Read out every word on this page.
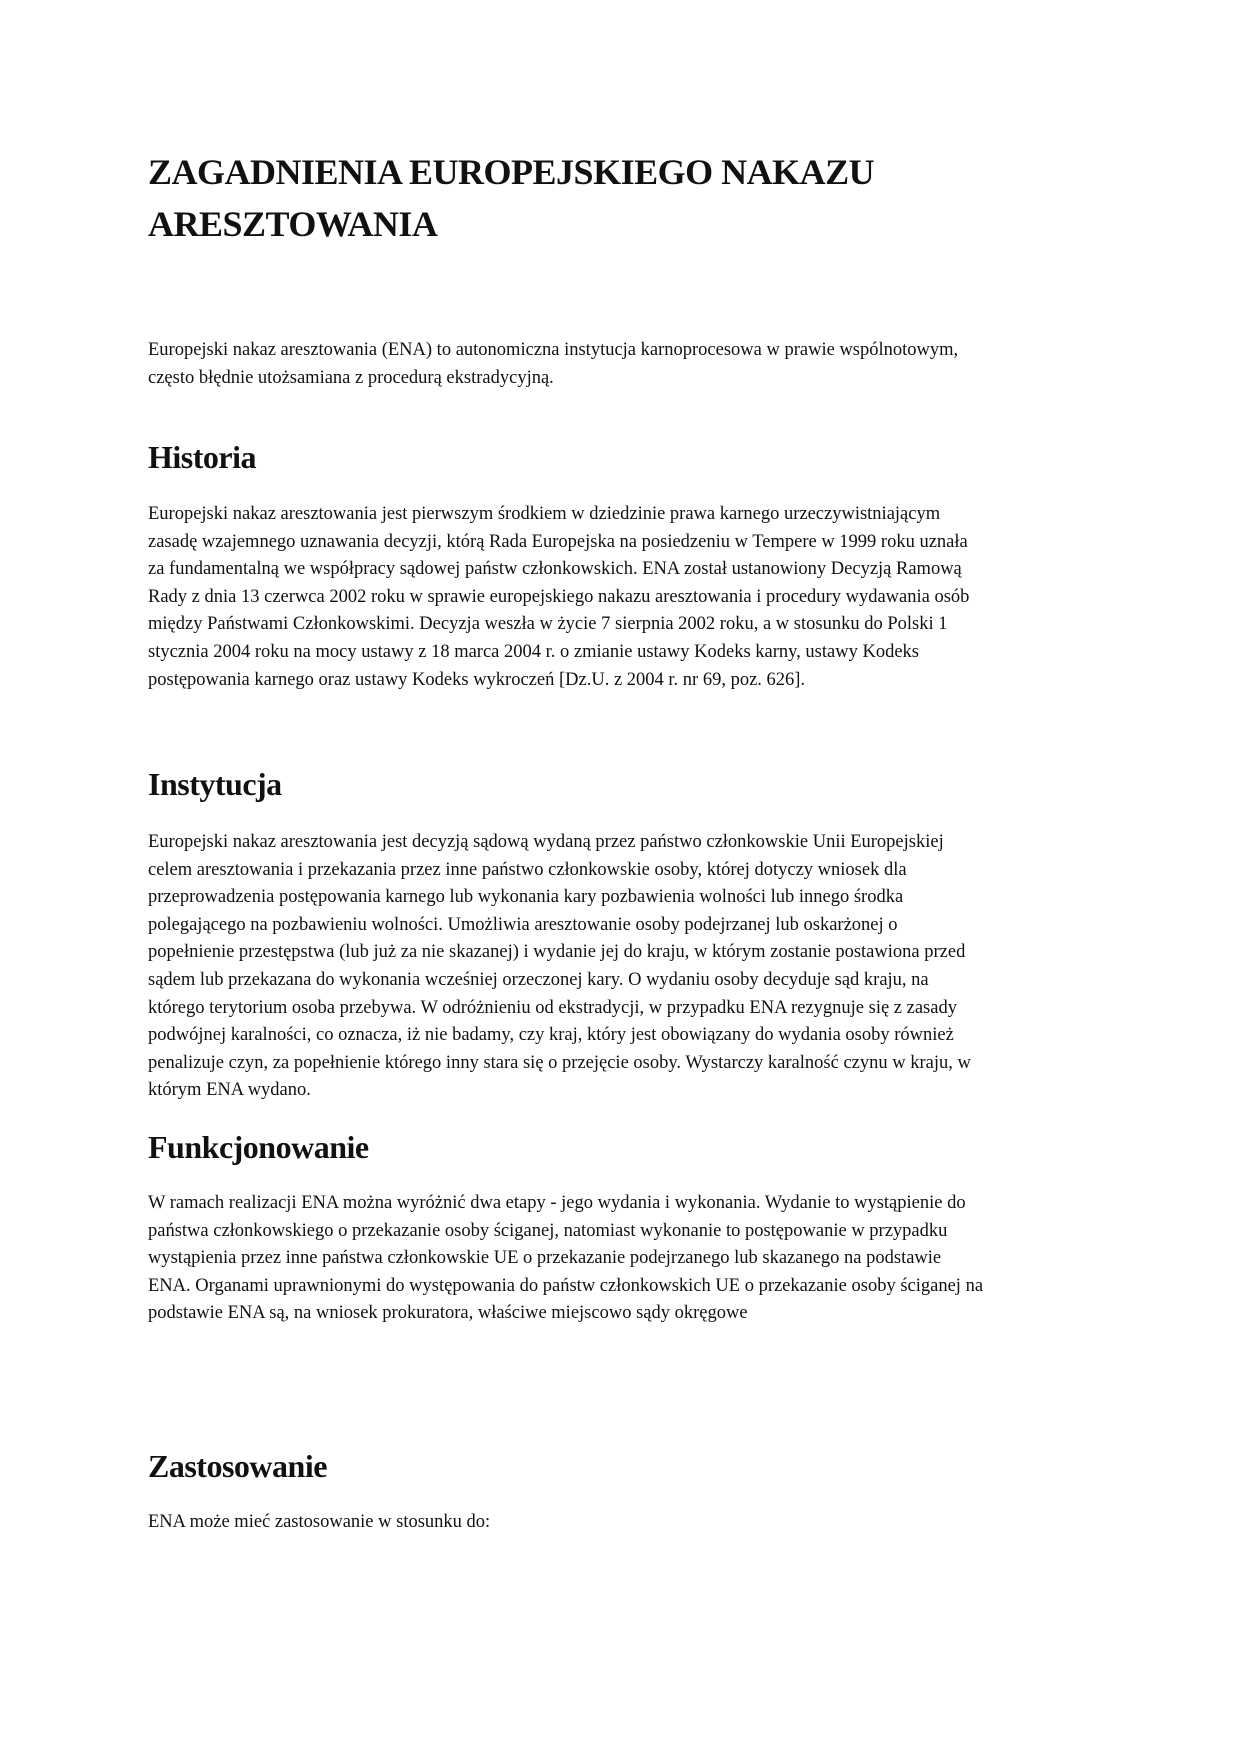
ZAGADNIENIA EUROPEJSKIEGO NAKAZU
ARESZTOWANIA

Europejski nakaz aresztowania (ENA) to autonomiczna instytucja karnoprocesowa w prawie wspólnotowym,
często błędnie utożsamiana z procedurą ekstradycyjną.

Historia

Europejski nakaz aresztowania jest pierwszym środkiem w dziedzinie prawa karnego urzeczywistniającym
zasadę wzajemnego uznawania decyzji, którą Rada Europejska na posiedzeniu w Tempere w 1999 roku uznała
za fundamentalną we współpracy sądowej państw członkowskich. ENA został ustanowiony Decyzją Ramową
Rady z dnia 13 czerwca 2002 roku w sprawie europejskiego nakazu aresztowania i procedury wydawania osób
między Państwami Członkowskimi. Decyzja weszła w życie 7 sierpnia 2002 roku, a w stosunku do Polski 1
stycznia 2004 roku na mocy ustawy z 18 marca 2004 r. o zmianie ustawy Kodeks karny, ustawy Kodeks
postępowania karnego oraz ustawy Kodeks wykroczeń [Dz.U. z 2004 r. nr 69, poz. 626].

Instytucja

Europejski nakaz aresztowania jest decyzją sądową wydaną przez państwo członkowskie Unii Europejskiej
celem aresztowania i przekazania przez inne państwo członkowskie osoby, której dotyczy wniosek dla
przeprowadzenia postępowania karnego lub wykonania kary pozbawienia wolności lub innego środka
polegającego na pozbawieniu wolności. Umożliwia aresztowanie osoby podejrzanej lub oskarżonej o
popełnienie przestępstwa (lub już za nie skazanej) i wydanie jej do kraju, w którym zostanie postawiona przed
sądem lub przekazana do wykonania wcześniej orzeczonej kary. O wydaniu osoby decyduje sąd kraju, na
którego terytorium osoba przebywa. W odróżnieniu od ekstradycji, w przypadku ENA rezygnuje się z zasady
podwójnej karalności, co oznacza, iż nie badamy, czy kraj, który jest obowiązany do wydania osoby również
penalizuje czyn, za popełnienie którego inny stara się o przejęcie osoby. Wystarczy karalność czynu w kraju, w
którym ENA wydano.

Funkcjonowanie

W ramach realizacji ENA można wyróżnić dwa etapy - jego wydania i wykonania. Wydanie to wystąpienie do
państwa członkowskiego o przekazanie osoby ściganej, natomiast wykonanie to postępowanie w przypadku
wystąpienia przez inne państwa członkowskie UE o przekazanie podejrzanego lub skazanego na podstawie
ENA. Organami uprawnionymi do występowania do państw członkowskich UE o przekazanie osoby ściganej na
podstawie ENA są, na wniosek prokuratora, właściwe miejscowo sądy okręgowe

Zastosowanie

ENA może mieć zastosowanie w stosunku do:
